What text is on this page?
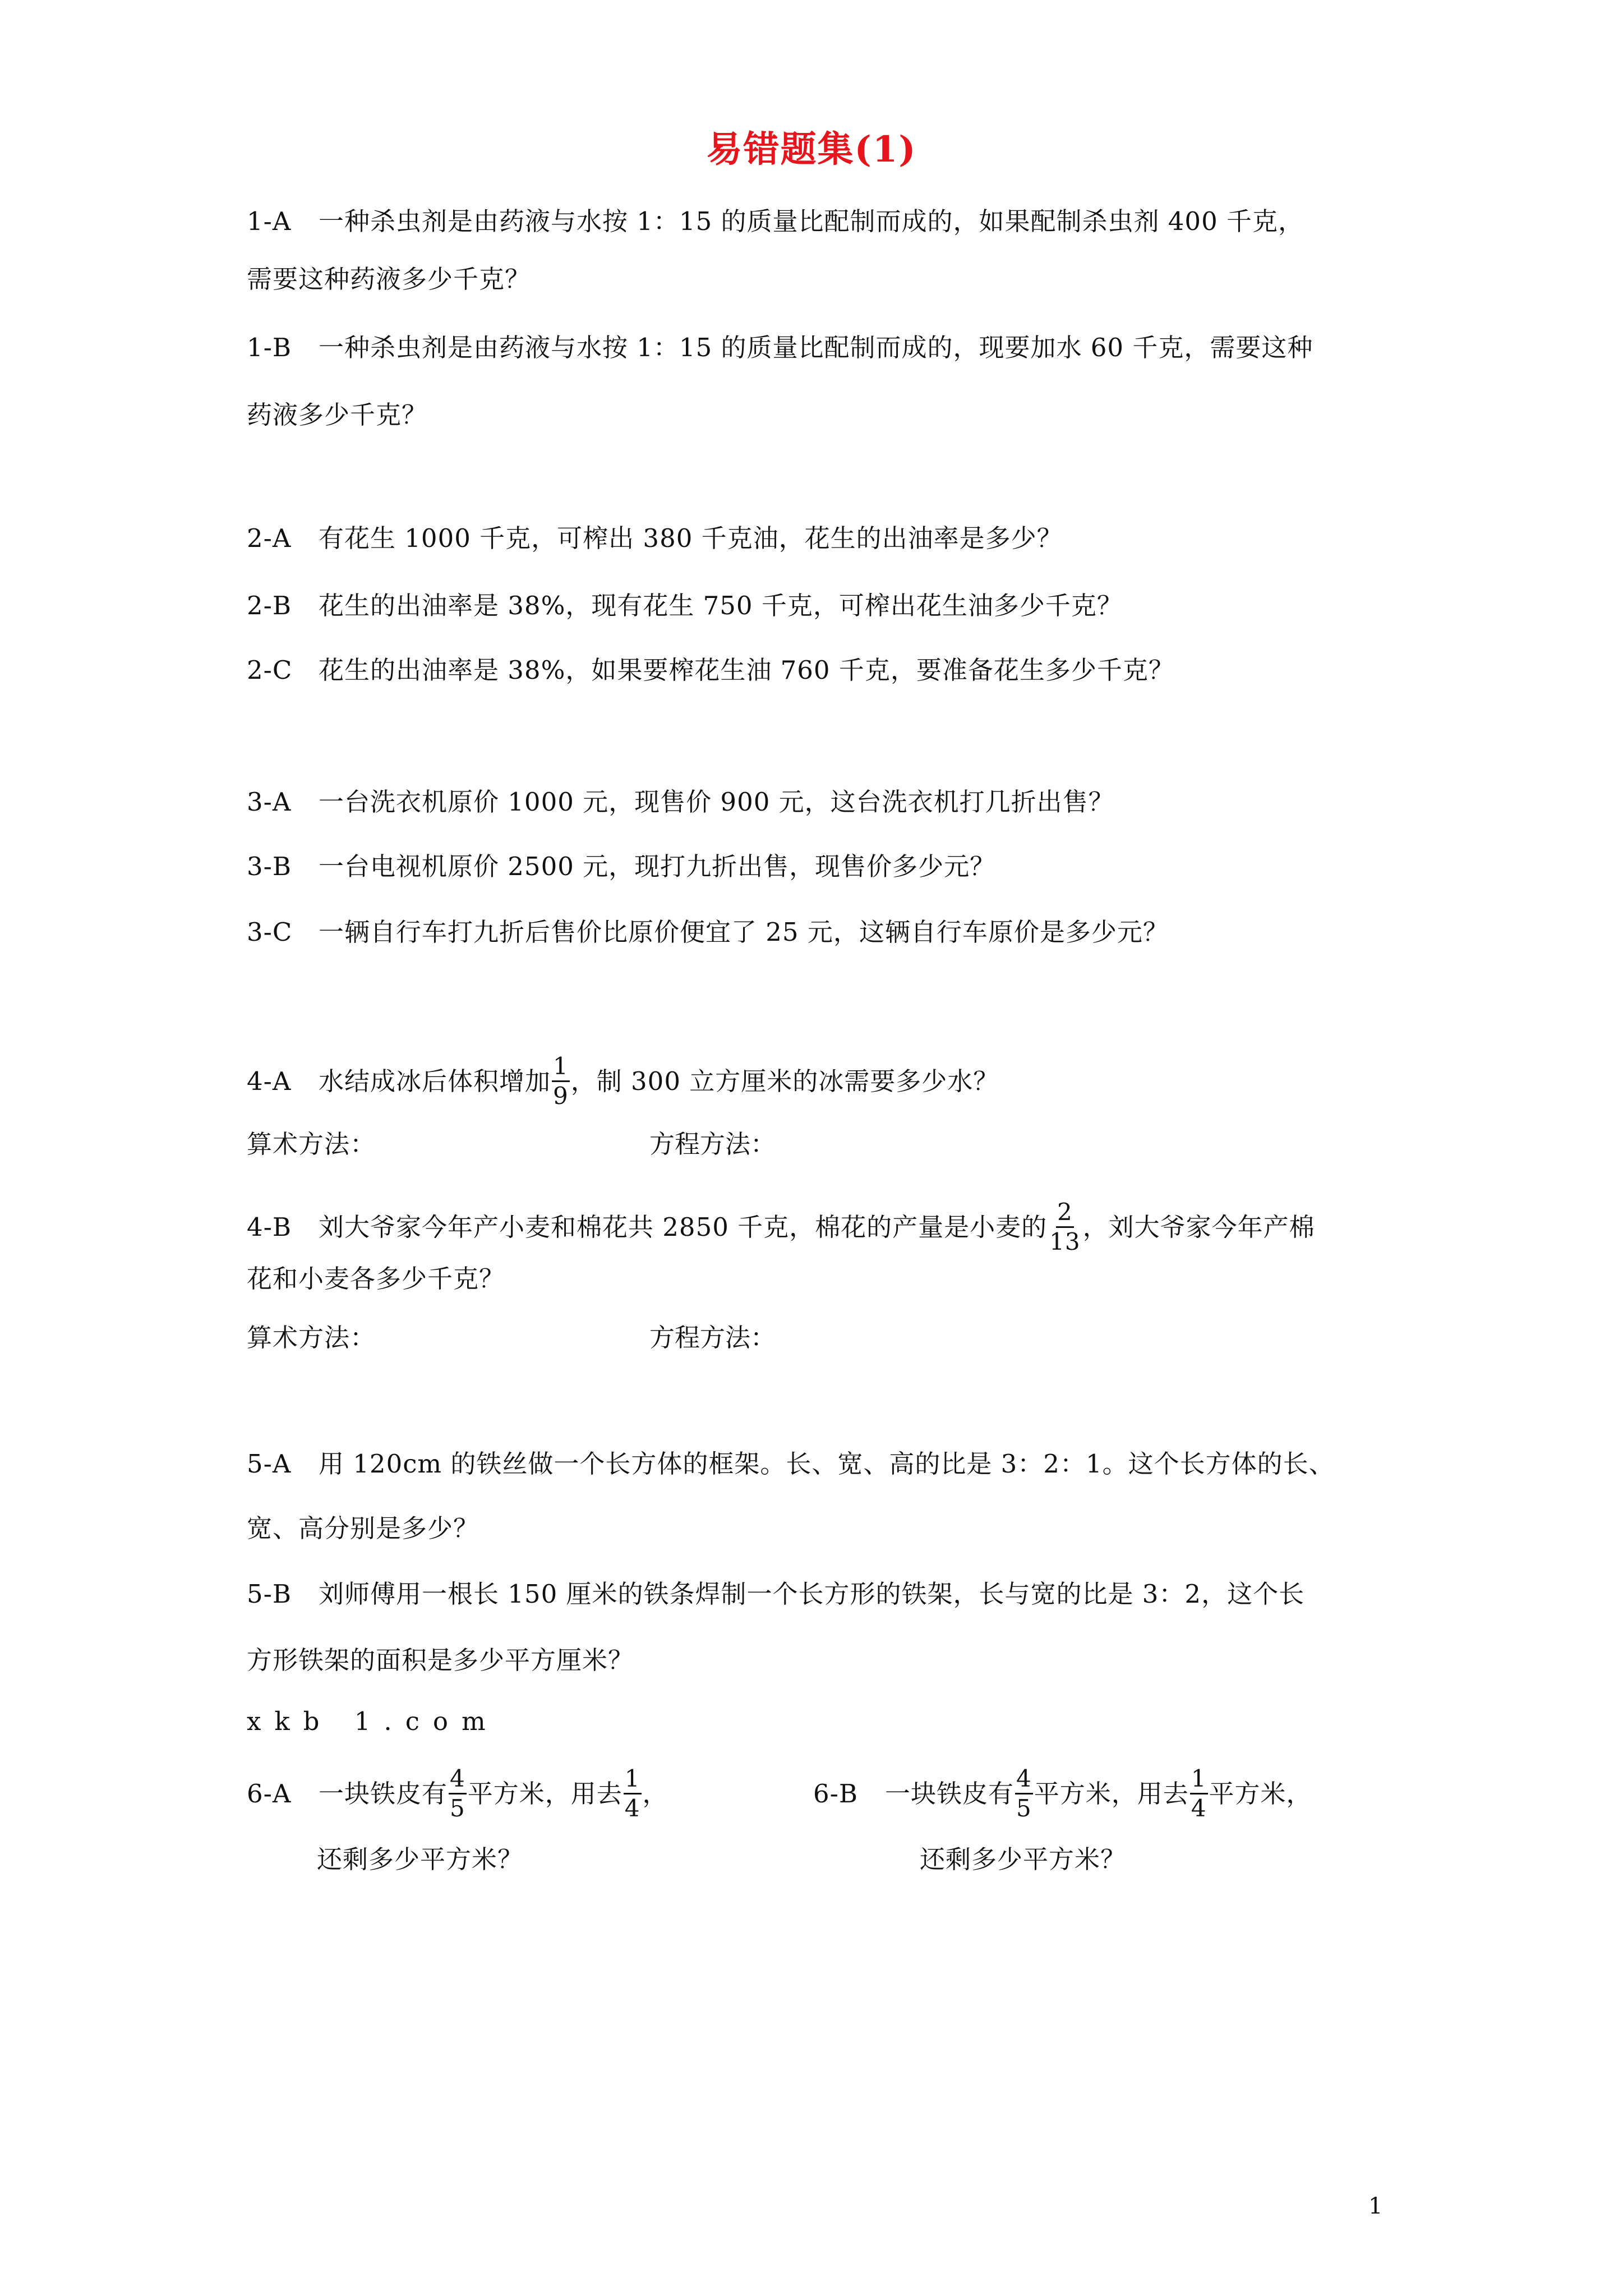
易错题集(1)
1-A 一种杀虫剂是由药液与水按 1：15 的质量比配制而成的，如果配制杀虫剂 400 千克，
需要这种药液多少千克？
1-B 一种杀虫剂是由药液与水按 1：15 的质量比配制而成的，现要加水 60 千克，需要这种
药液多少千克？
2-A 有花生 1000 千克，可榨出 380 千克油，花生的出油率是多少？
2-B 花生的出油率是 38%，现有花生 750 千克，可榨出花生油多少千克？
2-C 花生的出油率是 38%，如果要榨花生油 760 千克，要准备花生多少千克？
3-A 一台洗衣机原价 1000 元，现售价 900 元，这台洗衣机打几折出售？
3-B 一台电视机原价 2500 元，现打九折出售，现售价多少元？
3-C 一辆自行车打九折后售价比原价便宜了 25 元，这辆自行车原价是多少元？
4-A 水结成冰后体积增加 $\frac{1}{9}$ ，制 300 立方厘米的冰需要多少水？
算术方法：	方程方法：
4-B 刘大爷家今年产小麦和棉花共 2850 千克，棉花的产量是小麦的 $\frac{2}{13}$ ，刘大爷家今年产棉
花和小麦各多少千克？
算术方法：	方程方法：
5-A 用 120cm 的铁丝做一个长方体的框架。长、宽、高的比是 3：2：1。这个长方体的长、
宽、高分别是多少？
5-B 刘师傅用一根长 150 厘米的铁条焊制一个长方形的铁架，长与宽的比是 3：2，这个长
方形铁架的面积是多少平方厘米？
xkb 1.com
6-A 一块铁皮有 $\frac{4}{5}$ 平方米，用去 $\frac{1}{4}$ ，
还剩多少平方米？
6-B 一块铁皮有 $\frac{4}{5}$ 平方米，用去 $\frac{1}{4}$ 平方米，
还剩多少平方米？
1
